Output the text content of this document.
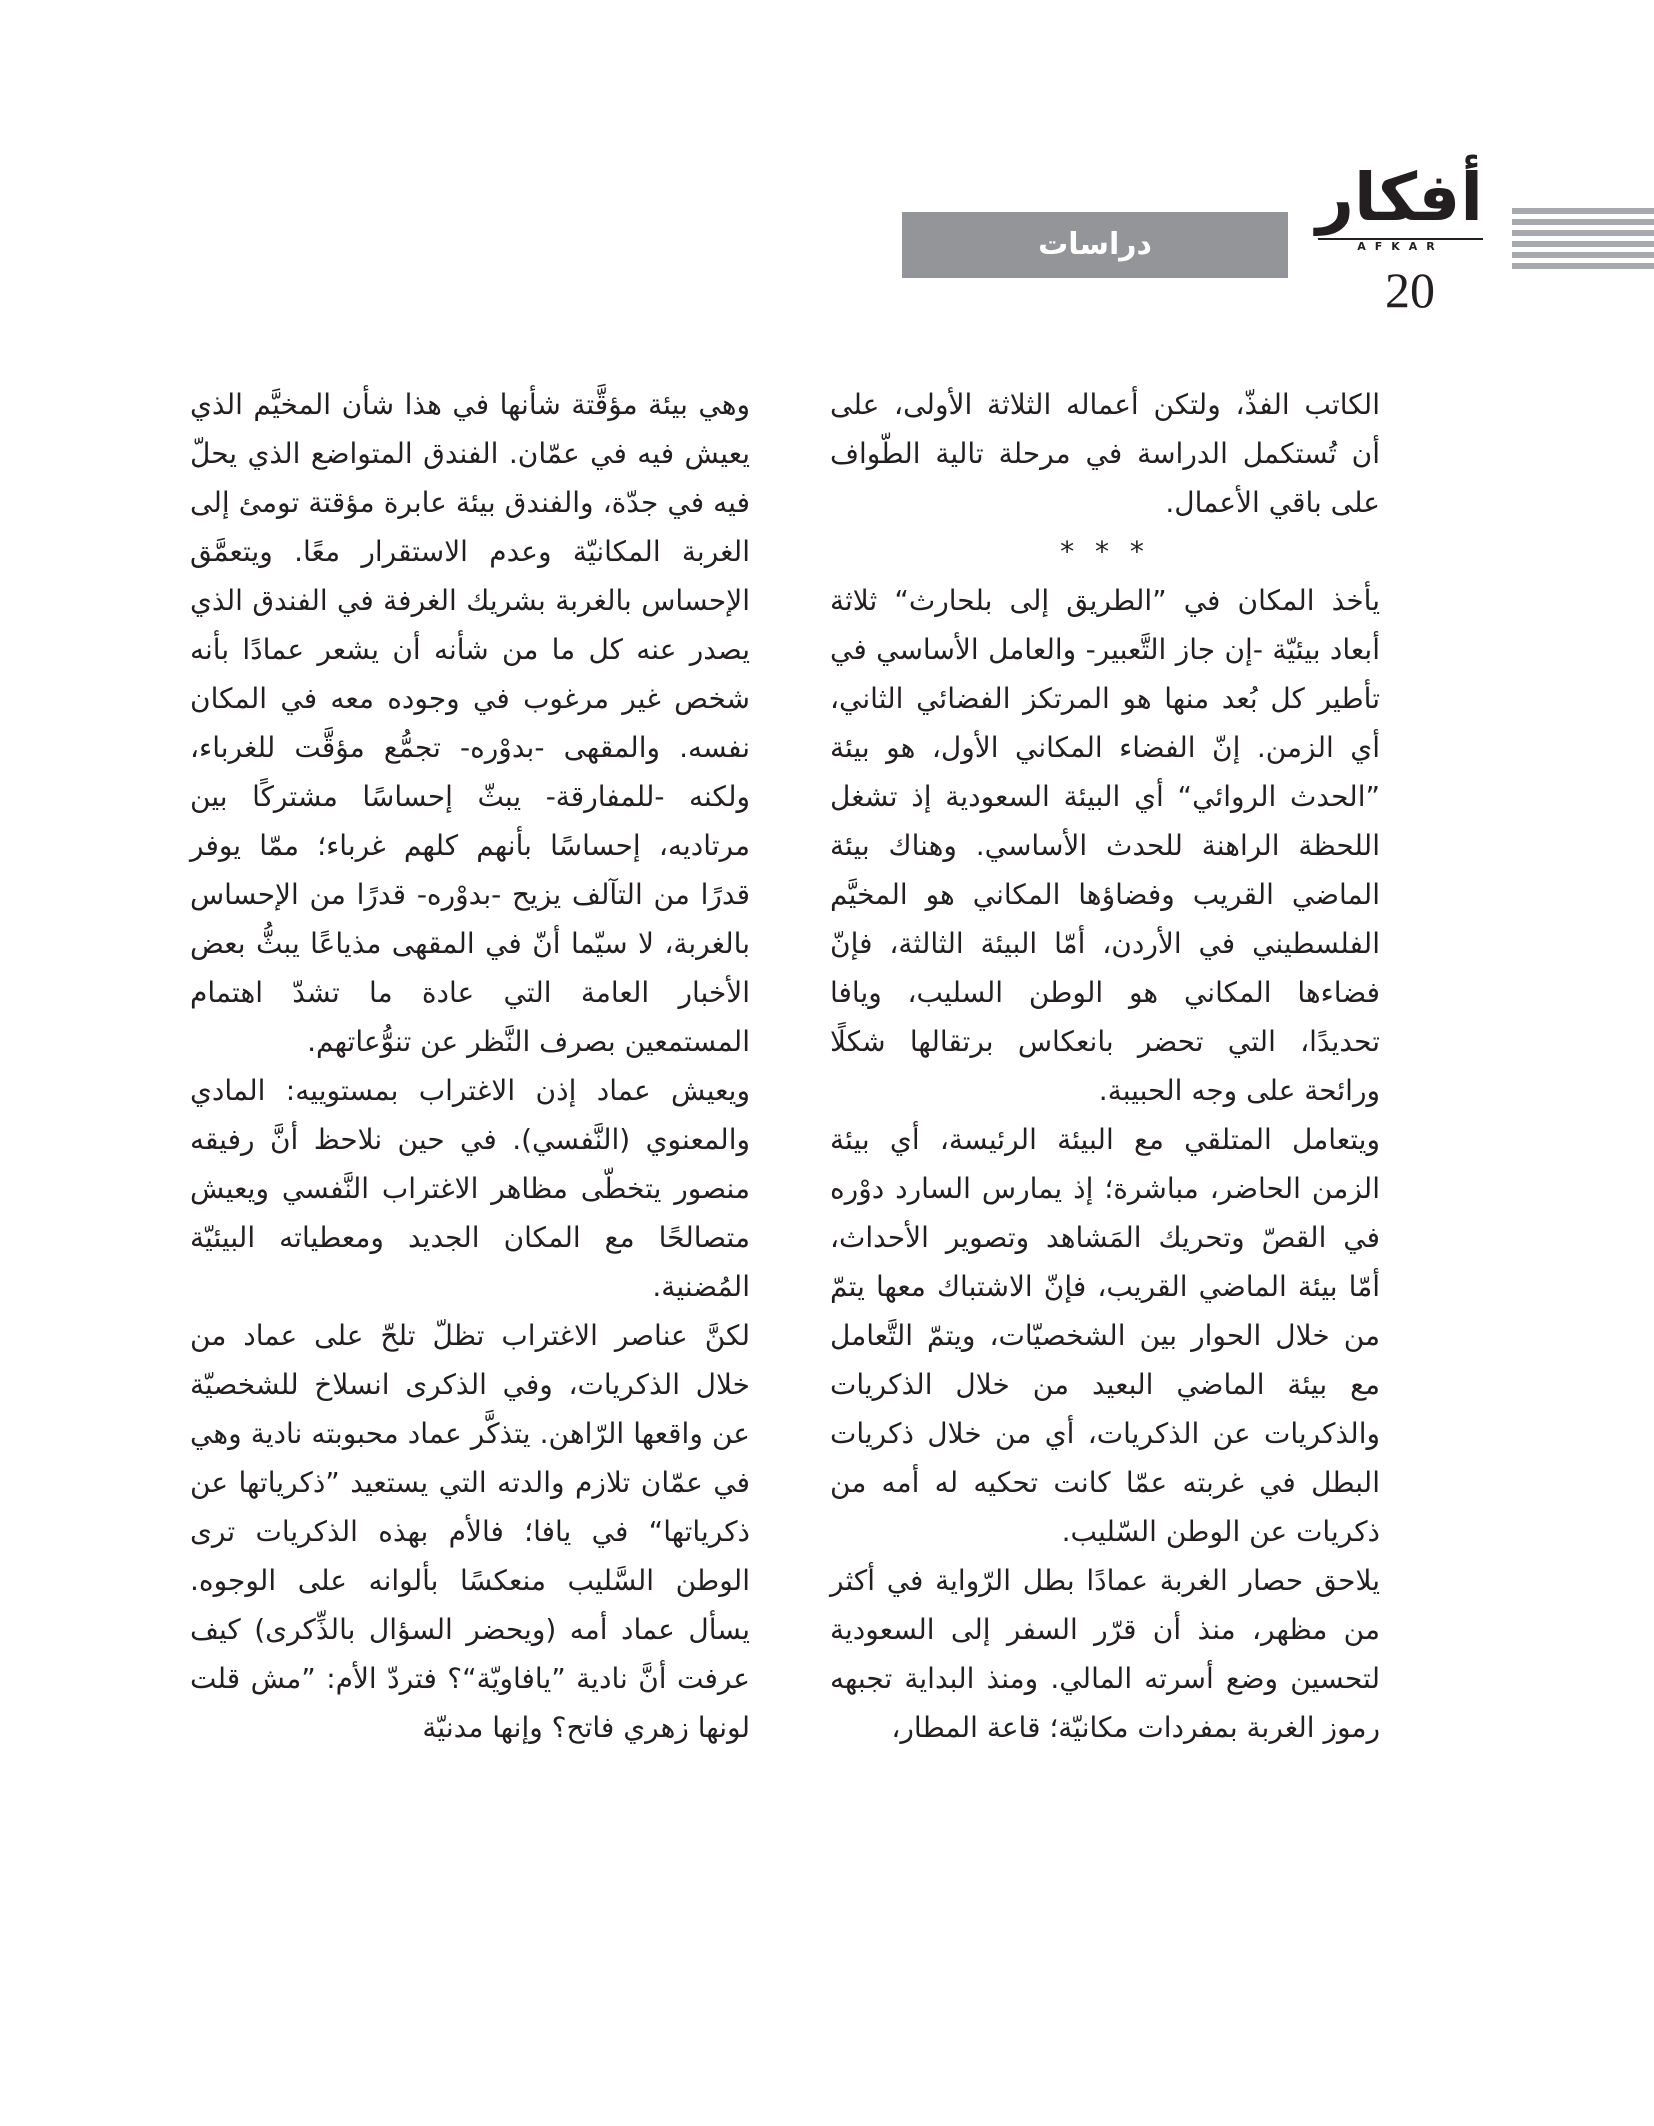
أفكار
AFKAR
دراسات
20

الكاتب الفذّ، ولتكن أعماله الثلاثة الأولى، على أن تُستكمل الدراسة في مرحلة تالية الطّواف على باقي الأعمال.

* * *

يأخذ المكان في ”الطريق إلى بلحارث“ ثلاثة أبعاد بيئيّة -إن جاز التَّعبير- والعامل الأساسي في تأطير كل بُعد منها هو المرتكز الفضائي الثاني، أي الزمن. إنّ الفضاء المكاني الأول، هو بيئة ”الحدث الروائي“ أي البيئة السعودية إذ تشغل اللحظة الراهنة للحدث الأساسي. وهناك بيئة الماضي القريب وفضاؤها المكاني هو المخيَّم الفلسطيني في الأردن، أمّا البيئة الثالثة، فإنّ فضاءها المكاني هو الوطن السليب، ويافا تحديدًا، التي تحضر بانعكاس برتقالها شكلًا ورائحة على وجه الحبيبة.

ويتعامل المتلقي مع البيئة الرئيسة، أي بيئة الزمن الحاضر، مباشرة؛ إذ يمارس السارد دوْره في القصّ وتحريك المَشاهد وتصوير الأحداث، أمّا بيئة الماضي القريب، فإنّ الاشتباك معها يتمّ من خلال الحوار بين الشخصيّات، ويتمّ التَّعامل مع بيئة الماضي البعيد من خلال الذكريات والذكريات عن الذكريات، أي من خلال ذكريات البطل في غربته عمّا كانت تحكيه له أمه من ذكريات عن الوطن السّليب.

يلاحق حصار الغربة عمادًا بطل الرّواية في أكثر من مظهر، منذ أن قرّر السفر إلى السعودية لتحسين وضع أسرته المالي. ومنذ البداية تجبهه رموز الغربة بمفردات مكانيّة؛ قاعة المطار،

وهي بيئة مؤقَّتة شأنها في هذا شأن المخيَّم الذي يعيش فيه في عمّان. الفندق المتواضع الذي يحلّ فيه في جدّة، والفندق بيئة عابرة مؤقتة تومئ إلى الغربة المكانيّة وعدم الاستقرار معًا. ويتعمَّق الإحساس بالغربة بشريك الغرفة في الفندق الذي يصدر عنه كل ما من شأنه أن يشعر عمادًا بأنه شخص غير مرغوب في وجوده معه في المكان نفسه. والمقهى -بدوْره- تجمُّع مؤقَّت للغرباء، ولكنه -للمفارقة- يبثّ إحساسًا مشتركًا بين مرتاديه، إحساسًا بأنهم كلهم غرباء؛ ممّا يوفر قدرًا من التآلف يزيح -بدوْره- قدرًا من الإحساس بالغربة، لا سيّما أنّ في المقهى مذياعًا يبثُّ بعض الأخبار العامة التي عادة ما تشدّ اهتمام المستمعين بصرف النَّظر عن تنوُّعاتهم.

ويعيش عماد إذن الاغتراب بمستوييه: المادي والمعنوي (النَّفسي). في حين نلاحظ أنَّ رفيقه منصور يتخطّى مظاهر الاغتراب النَّفسي ويعيش متصالحًا مع المكان الجديد ومعطياته البيئيّة المُضنية.

لكنَّ عناصر الاغتراب تظلّ تلحّ على عماد من خلال الذكريات، وفي الذكرى انسلاخ للشخصيّة عن واقعها الرّاهن. يتذكَّر عماد محبوبته نادية وهي في عمّان تلازم والدته التي يستعيد ”ذكرياتها عن ذكرياتها“ في يافا؛ فالأم بهذه الذكريات ترى الوطن السَّليب منعكسًا بألوانه على الوجوه. يسأل عماد أمه (ويحضر السؤال بالذِّكرى) كيف عرفت أنَّ نادية ”يافاويّة“؟ فتردّ الأم: ”مش قلت لونها زهري فاتح؟ وإنها مدنيّة
